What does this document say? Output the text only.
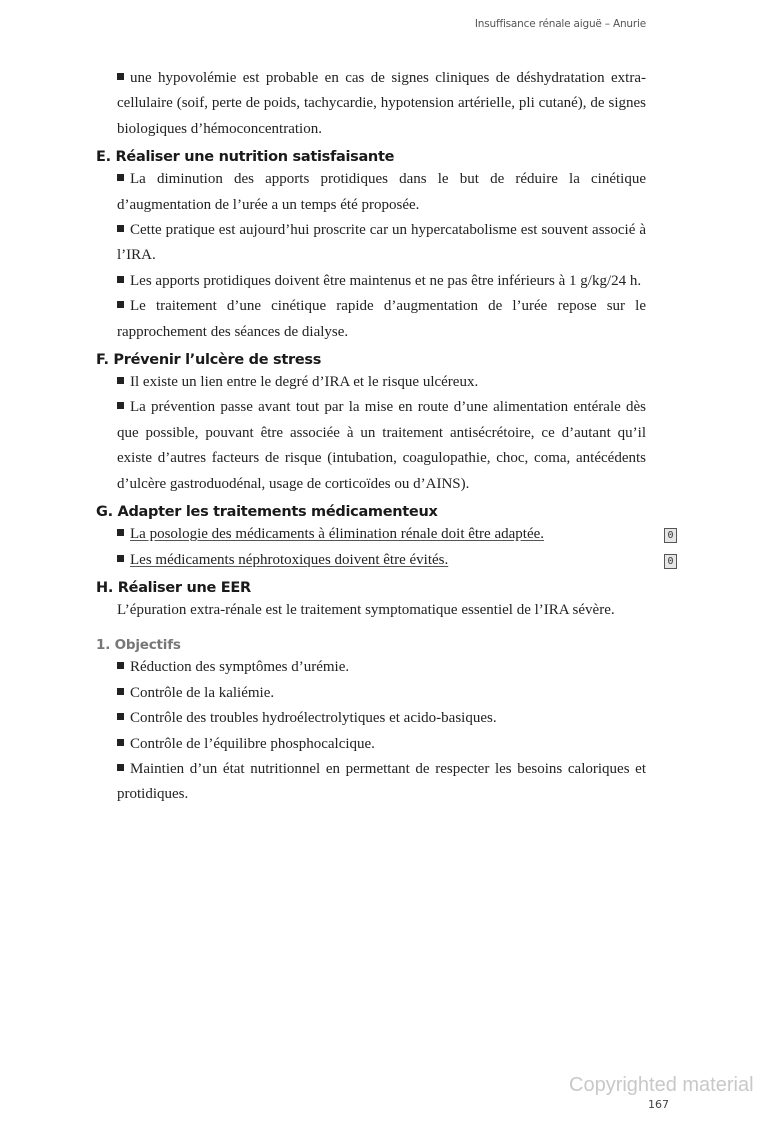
Insuffisance rénale aiguë – Anurie

une hypovolémie est probable en cas de signes cliniques de déshydratation extra-cellulaire (soif, perte de poids, tachycardie, hypotension artérielle, pli cutané), de signes biologiques d’hémoconcentration.

E. Réaliser une nutrition satisfaisante

La diminution des apports protidiques dans le but de réduire la cinétique d’augmentation de l’urée a un temps été proposée.

Cette pratique est aujourd’hui proscrite car un hypercatabolisme est souvent associé à l’IRA.

Les apports protidiques doivent être maintenus et ne pas être inférieurs à 1 g/kg/24 h.

Le traitement d’une cinétique rapide d’augmentation de l’urée repose sur le rapprochement des séances de dialyse.

F. Prévenir l’ulcère de stress

Il existe un lien entre le degré d’IRA et le risque ulcéreux.

La prévention passe avant tout par la mise en route d’une alimentation entérale dès que possible, pouvant être associée à un traitement antisécrétoire, ce d’autant qu’il existe d’autres facteurs de risque (intubation, coagulopathie, choc, coma, antécédents d’ulcère gastroduodénal, usage de corticoïdes ou d’AINS).

G. Adapter les traitements médicamenteux

La posologie des médicaments à élimination rénale doit être adaptée.	0

Les médicaments néphrotoxiques doivent être évités.	0

H. Réaliser une EER

L’épuration extra-rénale est le traitement symptomatique essentiel de l’IRA sévère.

1. Objectifs

Réduction des symptômes d’urémie.

Contrôle de la kaliémie.

Contrôle des troubles hydroélectrolytiques et acido-basiques.

Contrôle de l’équilibre phosphocalcique.

Maintien d’un état nutritionnel en permettant de respecter les besoins caloriques et protidiques.

Copyrighted material
167
